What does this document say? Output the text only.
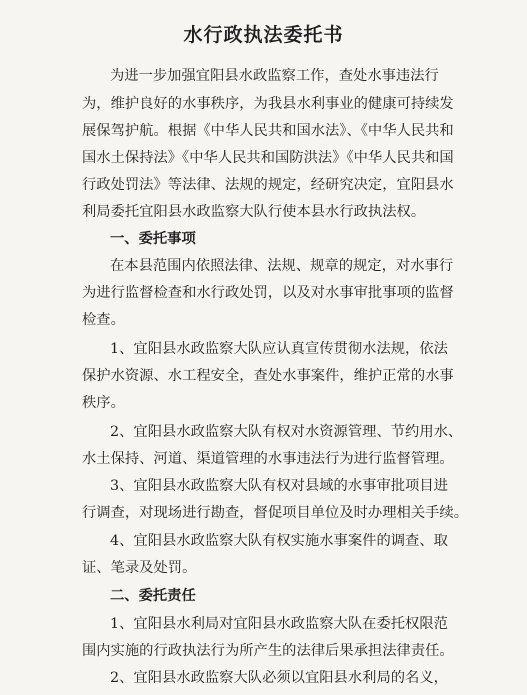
水行政执法委托书
为进一步加强宜阳县水政监察工作，查处水事违法行
为，维护良好的水事秩序，为我县水利事业的健康可持续发
展保驾护航。根据《中华人民共和国水法》、《中华人民共和
国水土保持法》《中华人民共和国防洪法》《中华人民共和国
行政处罚法》等法律、法规的规定，经研究决定，宜阳县水
利局委托宜阳县水政监察大队行使本县水行政执法权。
一、委托事项
在本县范围内依照法律、法规、规章的规定，对水事行
为进行监督检查和水行政处罚，以及对水事审批事项的监督
检查。
1、宜阳县水政监察大队应认真宣传贯彻水法规，依法
保护水资源、水工程安全，查处水事案件，维护正常的水事
秩序。
2、宜阳县水政监察大队有权对水资源管理、节约用水、
水土保持、河道、渠道管理的水事违法行为进行监督管理。
3、宜阳县水政监察大队有权对县域的水事审批项目进
行调查，对现场进行勘查，督促项目单位及时办理相关手续。
4、宜阳县水政监察大队有权实施水事案件的调查、取
证、笔录及处罚。
二、委托责任
1、宜阳县水利局对宜阳县水政监察大队在委托权限范
围内实施的行政执法行为所产生的法律后果承担法律责任。
2、宜阳县水政监察大队必须以宜阳县水利局的名义，
